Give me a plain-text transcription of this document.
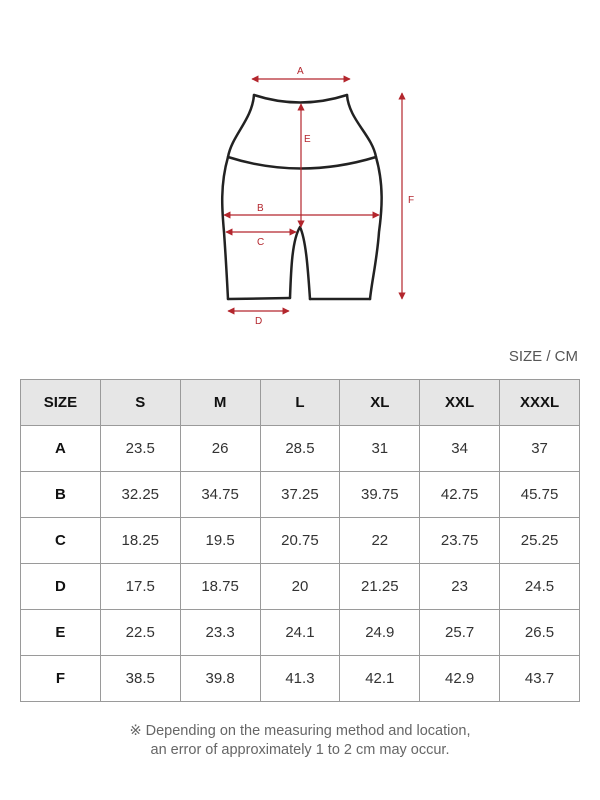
A
E
B
C
D
F
SIZE / CM
SIZE	S	M	L	XL	XXL	XXXL
A	23.5	26	28.5	31	34	37
B	32.25	34.75	37.25	39.75	42.75	45.75
C	18.25	19.5	20.75	22	23.75	25.25
D	17.5	18.75	20	21.25	23	24.5
E	22.5	23.3	24.1	24.9	25.7	26.5
F	38.5	39.8	41.3	42.1	42.9	43.7
※ Depending on the measuring method and location,
an error of approximately 1 to 2 cm may occur.
